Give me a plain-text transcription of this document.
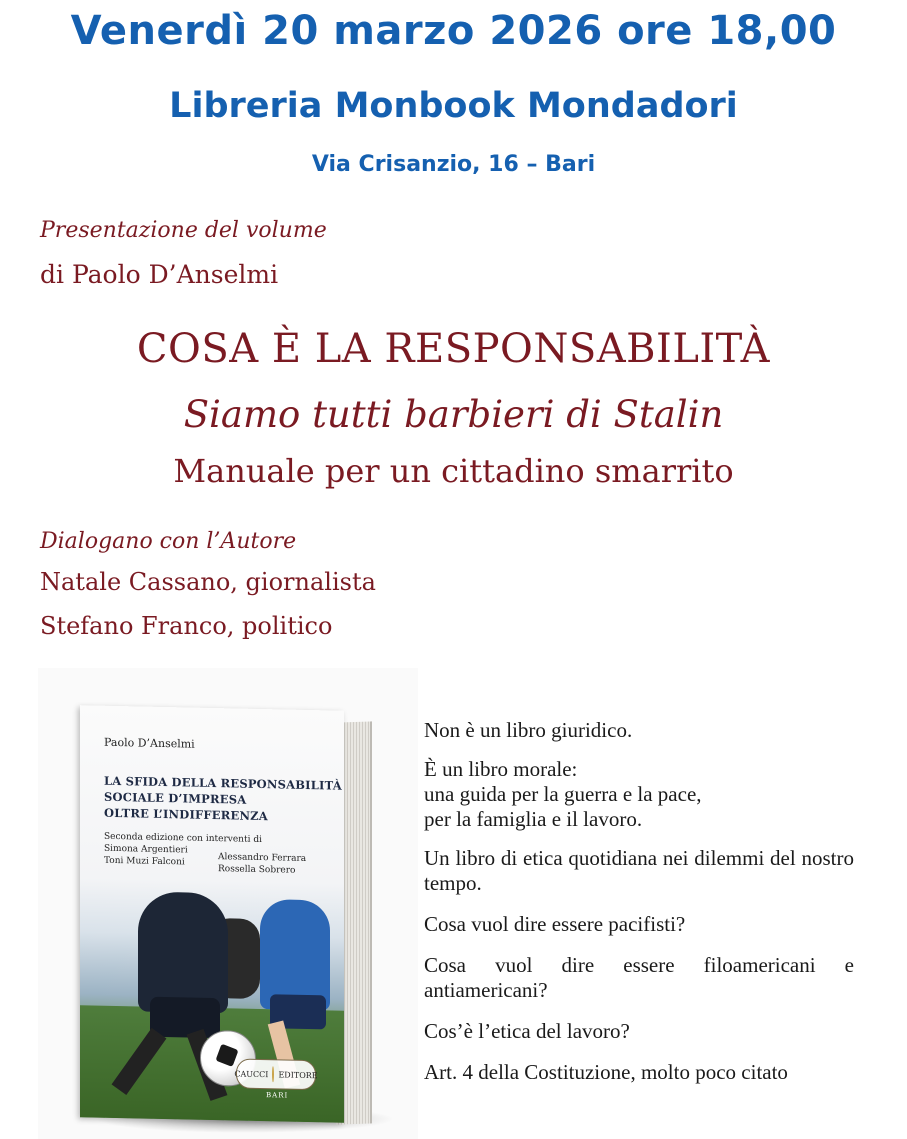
Venerdì 20 marzo 2026 ore 18,00
Libreria Monbook Mondadori
Via Crisanzio, 16 – Bari
Presentazione del volume
di Paolo D’Anselmi
COSA È LA RESPONSABILITÀ
Siamo tutti barbieri di Stalin
Manuale per un cittadino smarrito
Dialogano con l’Autore
Natale Cassano, giornalista
Stefano Franco, politico
Paolo D’Anselmi
LA SFIDA DELLA RESPONSABILITÀ
SOCIALE D’IMPRESA
OLTRE L’INDIFFERENZA
Seconda edizione con interventi di
Simona Argentieri
Toni Muzi Falconi	Alessandro Ferrara
Rossella Sobrero
CAUCCI EDITORE
BARI

Non è un libro giuridico.

È un libro morale:
una guida per la guerra e la pace,
per la famiglia e il lavoro.

Un libro di etica quotidiana nei dilemmi del nostro tempo.

Cosa vuol dire essere pacifisti?

Cosa vuol dire essere filoamericani e antiamericani?

Cos’è l’etica del lavoro?

Art. 4 della Costituzione, molto poco citato
